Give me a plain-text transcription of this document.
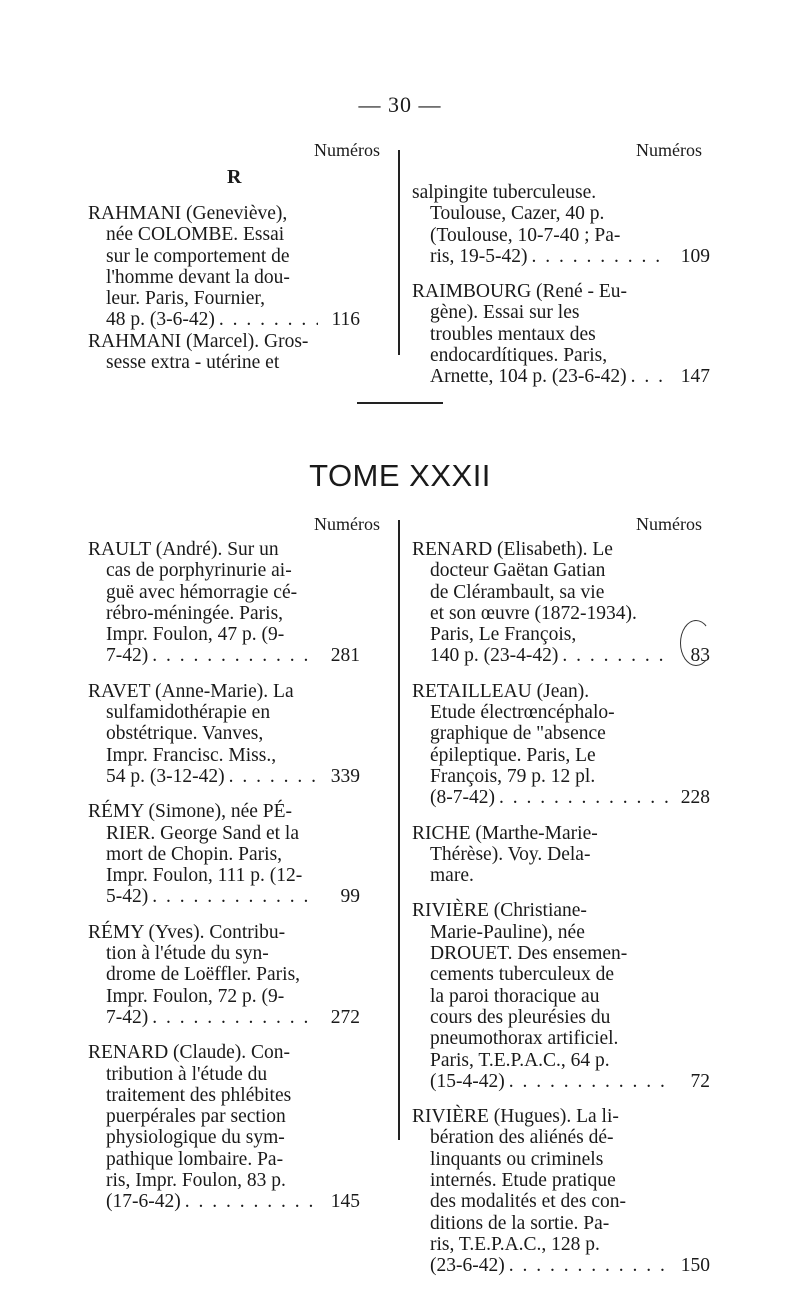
— 30 —
Numéros	Numéros
R
RAHMANI (Geneviève),
née COLOMBE. Essai
sur le comportement de
l'homme devant la dou-
leur. Paris, Fournier,
48 p. (3-6-42) . . .	116
RAHMANI (Marcel). Gros-
sesse extra - utérine et
salpingite tuberculeuse.
Toulouse, Cazer, 40 p.
(Toulouse, 10-7-40 ; Pa-
ris, 19-5-42) . . .	109
RAIMBOURG (René - Eu-
gène). Essai sur les
troubles mentaux des
endocardítiques. Paris,
Arnette, 104 p. (23-6-42) . . .	147
TOME XXXII
Numéros	Numéros
RAULT (André). Sur un
cas de porphyrinurie ai-
guë avec hémorragie cé-
rébro-méningée. Paris,
Impr. Foulon, 47 p. (9-
7-42) . . .	281
RAVET (Anne-Marie). La
sulfamidothérapie en
obstétrique. Vanves,
Impr. Francisc. Miss.,
54 p. (3-12-42) . . .	339
RÉMY (Simone), née PÉ-
RIER. George Sand et la
mort de Chopin. Paris,
Impr. Foulon, 111 p. (12-
5-42) . . .	99
RÉMY (Yves). Contribu-
tion à l'étude du syn-
drome de Loëffler. Paris,
Impr. Foulon, 72 p. (9-
7-42) . . .	272
RENARD (Claude). Con-
tribution à l'étude du
traitement des phlébites
puerpérales par section
physiologique du sym-
pathique lombaire. Pa-
ris, Impr. Foulon, 83 p.
(17-6-42) . . .	145
RENARD (Elisabeth). Le
docteur Gaëtan Gatian
de Clérambault, sa vie
et son œuvre (1872-1934).
Paris, Le François,
140 p. (23-4-42) . . .	83
RETAILLEAU (Jean).
Etude électrœncéphalo-
graphique de "absence
épileptique. Paris, Le
François, 79 p. 12 pl.
(8-7-42) . . .	228
RICHE (Marthe-Marie-
Thérèse). Voy. Dela-
mare.
RIVIÈRE (Christiane-
Marie-Pauline), née
DROUET. Des ensemen-
cements tuberculeux de
la paroi thoracique au
cours des pleurésies du
pneumothorax artificiel.
Paris, T.E.P.A.C., 64 p.
(15-4-42) . . .	72
RIVIÈRE (Hugues). La li-
bération des aliénés dé-
linquants ou criminels
internés. Etude pratique
des modalités et des con-
ditions de la sortie. Pa-
ris, T.E.P.A.C., 128 p.
(23-6-42) . . .	150
